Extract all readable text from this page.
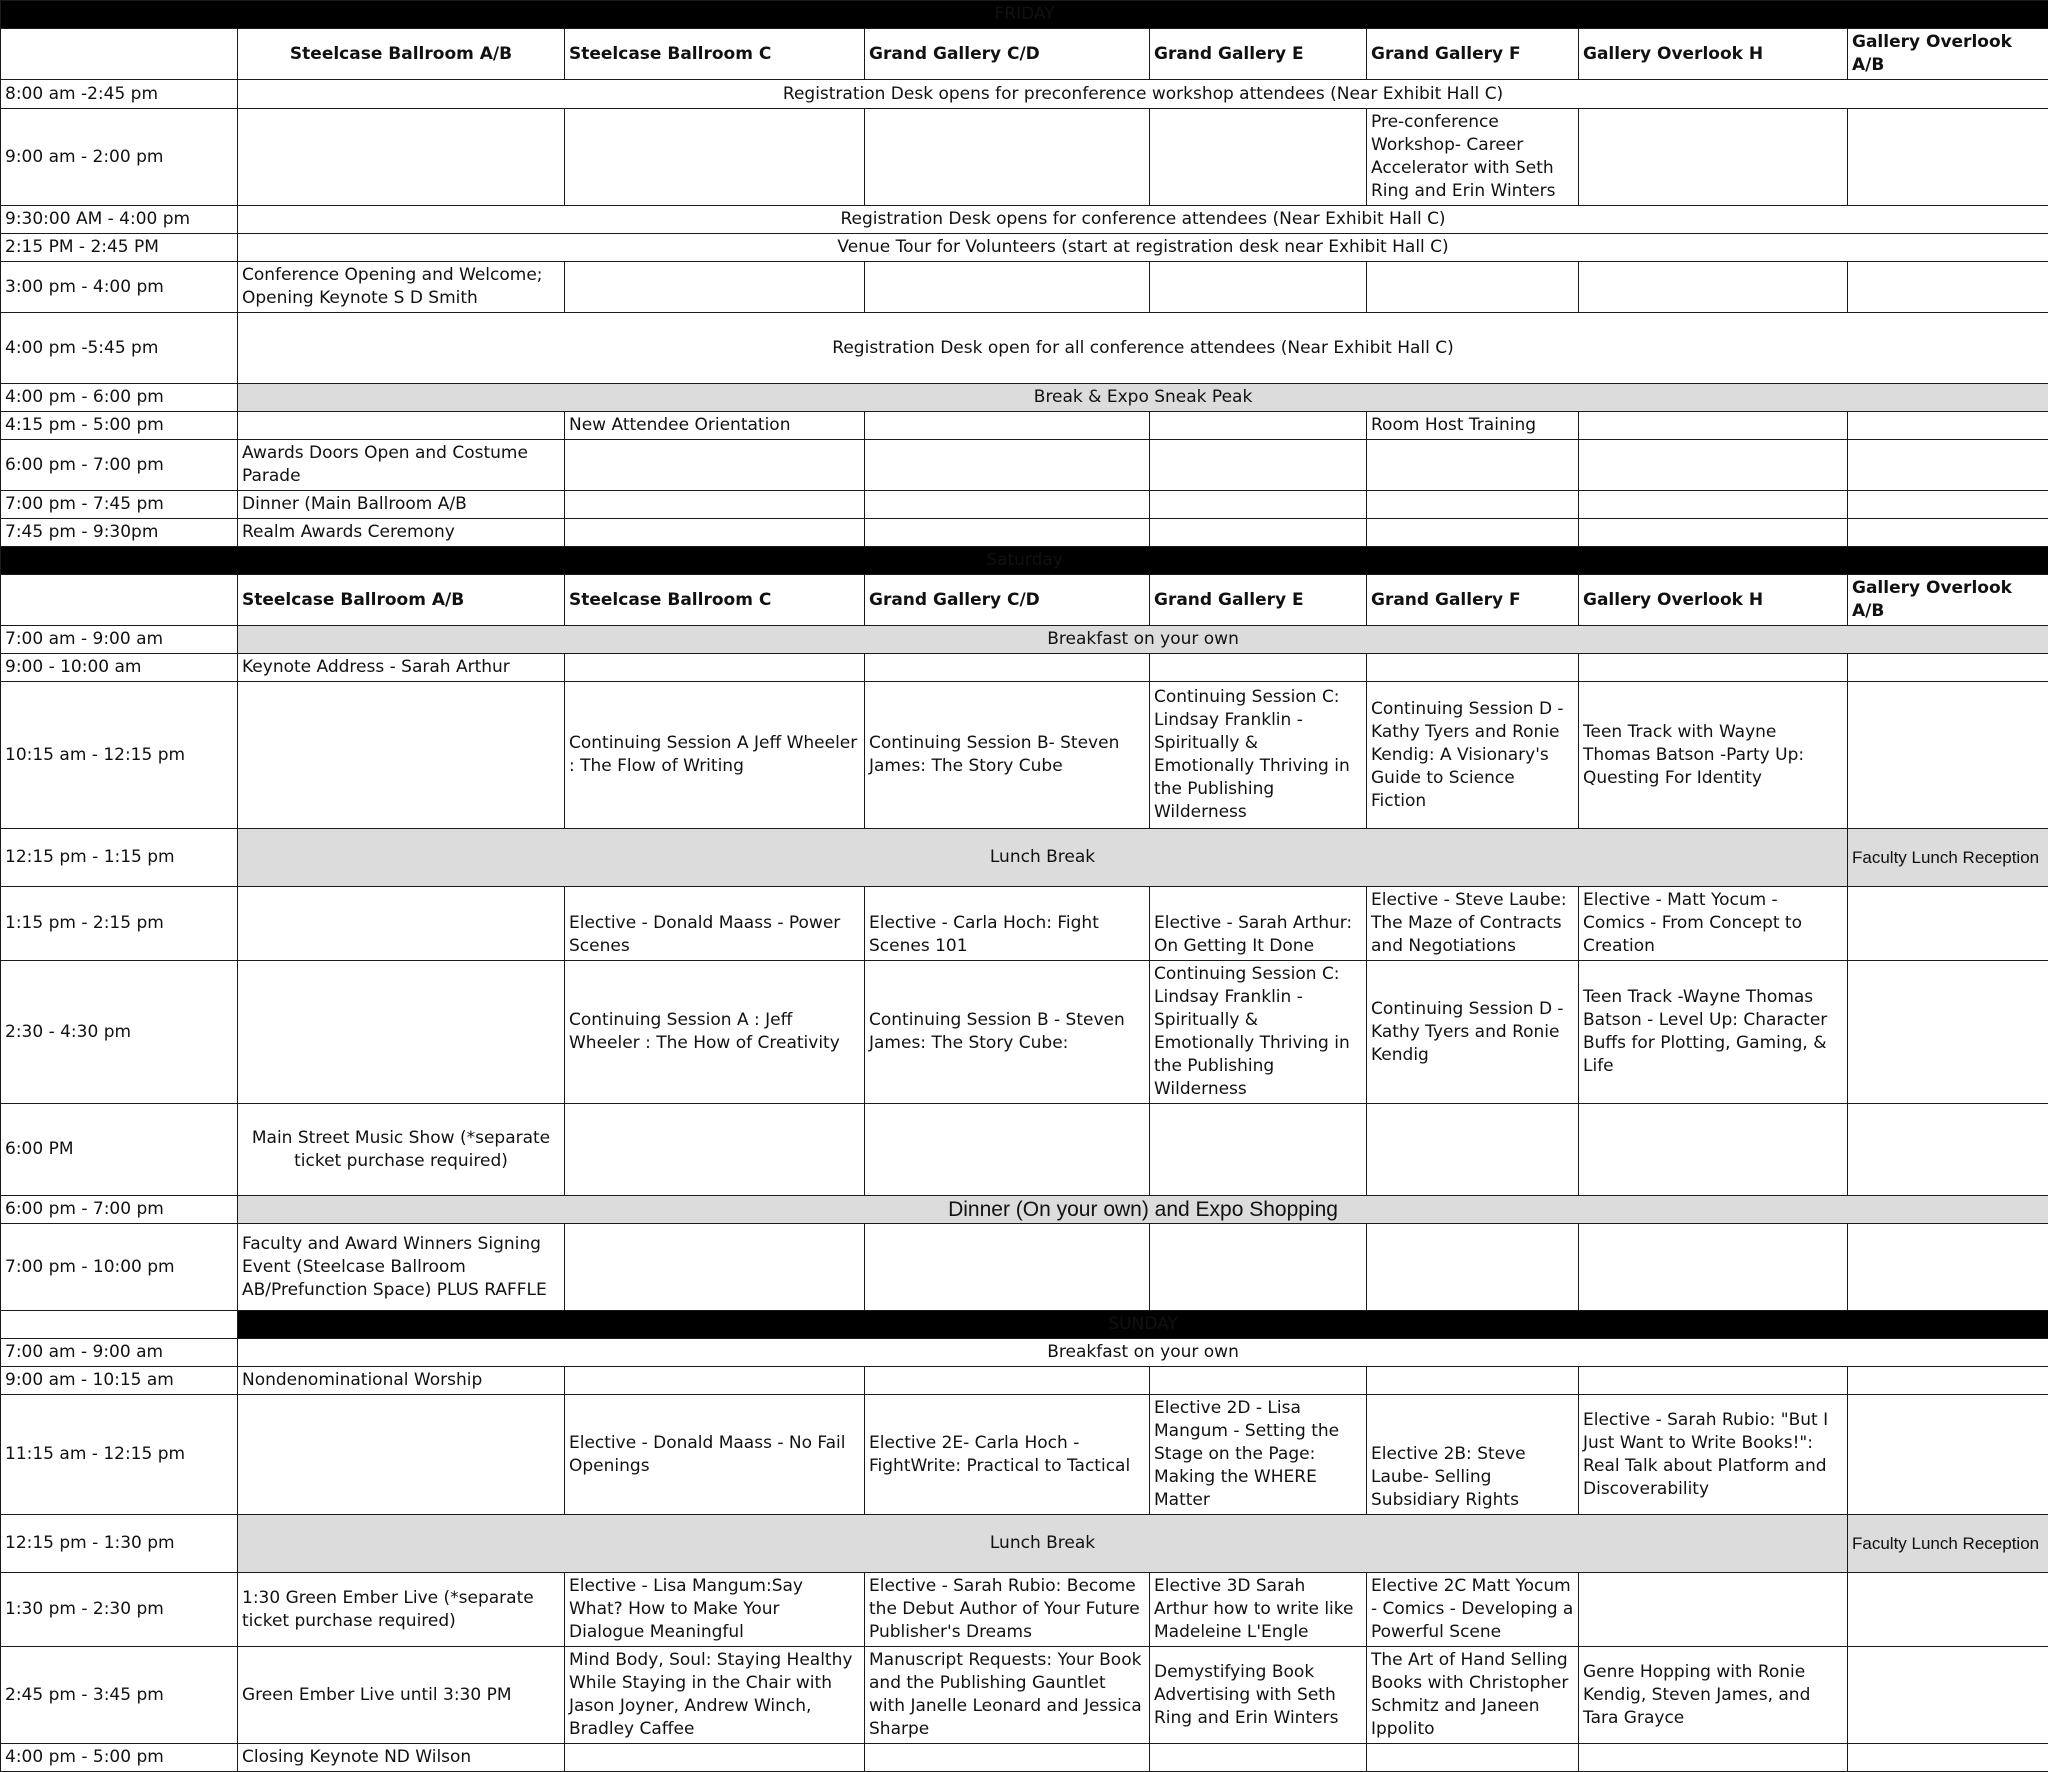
FRIDAY							
	Steelcase Ballroom A/B	Steelcase Ballroom C	Grand Gallery C/D	Grand Gallery E	Grand Gallery F	Gallery Overlook H	Gallery Overlook A/B
8:00 am -2:45 pm	Registration Desk opens for preconference workshop attendees (Near Exhibit Hall C)						
9:00 am - 2:00 pm					Pre-conference Workshop- Career Accelerator with Seth Ring and Erin Winters		
9:30:00 AM - 4:00 pm	Registration Desk opens for conference attendees (Near Exhibit Hall C)						
2:15 PM - 2:45 PM	Venue Tour for Volunteers (start at registration desk near Exhibit Hall C)						
3:00 pm - 4:00 pm	Conference Opening and Welcome; Opening Keynote S D Smith						
4:00 pm -5:45 pm	Registration Desk open for all conference attendees (Near Exhibit Hall C)						
4:00 pm - 6:00 pm	Break & Expo Sneak Peak						
4:15 pm - 5:00 pm		New Attendee Orientation			Room Host Training		
6:00 pm - 7:00 pm	Awards Doors Open and Costume Parade						
7:00 pm - 7:45 pm	Dinner (Main Ballroom A/B						
7:45 pm - 9:30pm	Realm Awards Ceremony						
Saturday							
	Steelcase Ballroom A/B	Steelcase Ballroom C	Grand Gallery C/D	Grand Gallery E	Grand Gallery F	Gallery Overlook H	Gallery Overlook A/B
7:00 am - 9:00 am	Breakfast on your own						
9:00 - 10:00 am	Keynote Address - Sarah Arthur						
10:15 am - 12:15 pm		Continuing Session A Jeff Wheeler : The Flow of Writing	Continuing Session B- Steven James: The Story Cube	Continuing Session C: Lindsay Franklin - Spiritually & Emotionally Thriving in the Publishing Wilderness	Continuing Session D - Kathy Tyers and Ronie Kendig: A Visionary's Guide to Science Fiction	Teen Track with Wayne Thomas Batson -Party Up: Questing For Identity	
12:15 pm - 1:15 pm	Lunch Break						Faculty Lunch Reception
1:15 pm - 2:15 pm		Elective - Donald Maass - Power Scenes	Elective - Carla Hoch: Fight Scenes 101	Elective - Sarah Arthur: On Getting It Done	Elective - Steve Laube: The Maze of Contracts and Negotiations	Elective - Matt Yocum - Comics - From Concept to Creation	
2:30 - 4:30 pm		Continuing Session A : Jeff Wheeler : The How of Creativity	Continuing Session B - Steven James: The Story Cube:	Continuing Session C: Lindsay Franklin - Spiritually & Emotionally Thriving in the Publishing Wilderness	Continuing Session D - Kathy Tyers and Ronie Kendig	Teen Track -Wayne Thomas Batson - Level Up: Character Buffs for Plotting, Gaming, & Life	
6:00 PM	Main Street Music Show (*separate ticket purchase required)						
6:00 pm - 7:00 pm	Dinner (On your own) and Expo Shopping						
7:00 pm - 10:00 pm	Faculty and Award Winners Signing Event (Steelcase Ballroom AB/Prefunction Space) PLUS RAFFLE						
	SUNDAY						
7:00 am - 9:00 am	Breakfast on your own						
9:00 am - 10:15 am	Nondenominational Worship						
11:15 am - 12:15 pm		Elective - Donald Maass - No Fail Openings	Elective 2E- Carla Hoch - FightWrite: Practical to Tactical	Elective 2D - Lisa Mangum - Setting the Stage on the Page: Making the WHERE Matter	Elective 2B: Steve Laube- Selling Subsidiary Rights	Elective - Sarah Rubio: "But I Just Want to Write Books!": Real Talk about Platform and Discoverability	
12:15 pm - 1:30 pm	Lunch Break						Faculty Lunch Reception
1:30 pm - 2:30 pm	1:30 Green Ember Live (*separate ticket purchase required)	Elective - Lisa Mangum:Say What? How to Make Your Dialogue Meaningful	Elective - Sarah Rubio: Become the Debut Author of Your Future Publisher's Dreams	Elective 3D Sarah Arthur how to write like Madeleine L'Engle	Elective 2C Matt Yocum - Comics - Developing a Powerful Scene		
2:45 pm - 3:45 pm	Green Ember Live until 3:30 PM	Mind Body, Soul: Staying Healthy While Staying in the Chair with Jason Joyner, Andrew Winch, Bradley Caffee	Manuscript Requests: Your Book and the Publishing Gauntlet with Janelle Leonard and Jessica Sharpe	Demystifying Book Advertising with Seth Ring and Erin Winters	The Art of Hand Selling Books with Christopher Schmitz and Janeen Ippolito	Genre Hopping with Ronie Kendig, Steven James, and Tara Grayce	
4:00 pm - 5:00 pm	Closing Keynote ND Wilson						
